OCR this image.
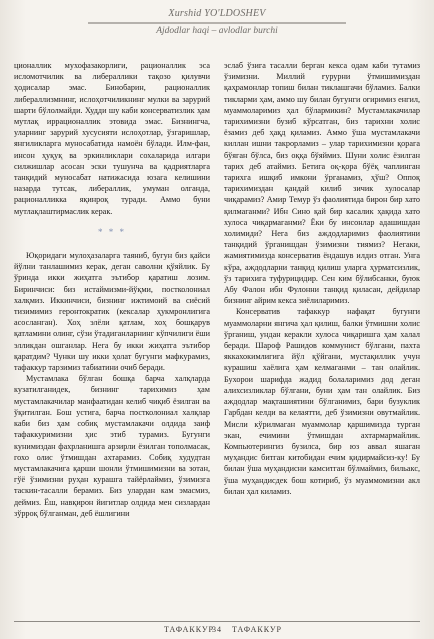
Xurshid YO'LDOSHEV
Ajdodlar haqi – avlodlar burchi

ционаллик мухофазакорлиги, рационаллик эса исломотчилик ва либераллики тақозо қилувчи ҳодисалар эмас. Бинобарин, рационаллик либераллизмнинг, ислоҳотчиликнинг мулки ва зарурий шарти бўлолмайди. Худди шу каби консерватизлик ҳам мутлақ иррационаллик этовида эмас. Бизнингча, уларнинг зарурий хусусияти ислоҳотлар, ўзгаришлар, янгиликларга муносабатида намоён бўлади. Илм-фан, инсон ҳуқуқ ва эркинликлари сохаларида илгари силжишлар асосан эски тушунча ва қадриятларга танқидий муносабат натижасида юзага келишини назарда тутсак, либераллик, умуман олганда, рационалликка яқинроқ туради. Аммо буни мутлақлаштирмаслик керак.

* * *

Юқоридаги мулоҳазаларга таяниб, бугун биз қайси йўлни танлашимиз керак, деган саволни қўяйлик. Бу ўринда икки жиҳатга эътибор қаратиш лозим. Биринчиси: биз истаймизми-йўқми, постколониал халқмиз. Иккинчиси, бизнинг ижтимоий ва сиёсий тизимимиз геронтократик (кексалар ҳукмронлигига асосланган). Хоҳ элёли қатлам, хоҳ бошқарув қатламини олинг, сўзи ўтадиганларнинг кўпчилиги ёши элликдан ошганлар. Нега бу икки жиҳатга эътибор қаратдим? Чунки шу икки ҳолат бугунги мафкурамиз, тафаккур тарзимиз табиатини очиб беради.

Мустамлака бўлган бошқа барча халқларда кузатилганидек, бизнинг тарихимиз ҳам мустамлакачилар манфаатидан келиб чиқиб ёзилган ва ўқитилган. Бош устига, барча постколониал халқлар каби биз ҳам собиқ мустамлакачи олдида заиф тафаккуримизни ҳис этиб турамиз. Бугунги кунимиздан фахрланишга арзирли ёзилган тополмасак, гохо олис ўтмишдан ахтарамиз. Собиқ худудтан мустамлакачига қарши шонли ўтмишимизни ва зотан, гўё ўзимизни руҳан курашга тайёрлаймиз, ўзимизга таскин-тасалли берамиз. Биз улардан кам эмасмиз, деймиз. Ёш, навқирон йигитлар олдида мен сизлардан зўрроқ бўлганман, деб ёшлигини

эслаб ўзига тасалли берган кекса одам каби тутамиз ўзимизни. Миллий ғурурни ўтмишимиздан қаҳрамонлар топиш билан тиклашгачи бўламиз. Балки тикларми ҳам, аммо шу билан бугунги огиримиз енгил, муаммоларимиз ҳал бўлармикин? Мустамлакачилар тарихимизни бузиб кўрсатган, биз тарихни холис ёзамиз деб ҳақд қиламиз. Аммо ўша мустамлакачи киллан ишни такрорламиз – улар тарихимизни қорага бўяган бўлса, биз оққа бўяймиз. Шуни холис ёзилган тарих деб атаймиз. Бетига оқ-қора бўёқ чаплинган тарихга ишқиб имкони ўрганамиз, ҳўш? Оппоқ тарихимиздан қандай килиб зичик хулосалар чиқарамиз? Амир Темур ўз фаолиятида бирон бир хато қилмаганми? Ибн Сино қай бир касалик ҳақида хато хулоса чиқармаганми? Ёки бу инсонлар адашишдан холимиди? Нега биз аждодларимиз фаолиятини танқидий ўрганишдан ўзимизни тиямиз? Негаки, жамиятимизда консерватив ёндашув илдиз отган. Унга кўра, аждодларни танқид қилиш уларга ҳурматсизлик, ўз тарихига туфурицидир. Сен ким бўлибсанки, буюк Абу Фалон ибн Фулонни танқид қиласан, дейдилар бизнинг айрим кекса зиёлиларимиз.

Консерватив тафаккур нафақат бугунги муаммоларни янгича ҳал қилиш, балки ўтмишни холис ўрганиш, ундан керакли хулоса чиқаришга ҳам халал беради. Шароф Рашидов коммунист бўлгани, пахта яккахокимлигига йўл қўйгани, мустақиллик учун курашиш хаёлига ҳам келмаганми – тан олайлик. Бухорои шарифда жадид болаларимиз дод деган алихсизликлар бўлгани, буни ҳам тан олайлик. Биз аждодлар мақташиятини бўлганимиз, бари бузуклик Гарбдан келди ва келаятти, деб ўзимизни овутмайлик. Мисли кўрилмаган муаммолар қаршимизда турган экан, ечимини ўтмишдан ахтармармайлик. Компьютерингиз бузилса, бир юз аввал яшаган муҳандис битган китобидан ечим қидирмайсиз-ку! Бу билан ўша муҳандисни камситган бўлмаймиз, бильакс, ўша муҳандисдек бош котириб, ўз муаммомизни акл билан ҳал киламиз.

ТАФАККУР
34 ТАФАККУР
